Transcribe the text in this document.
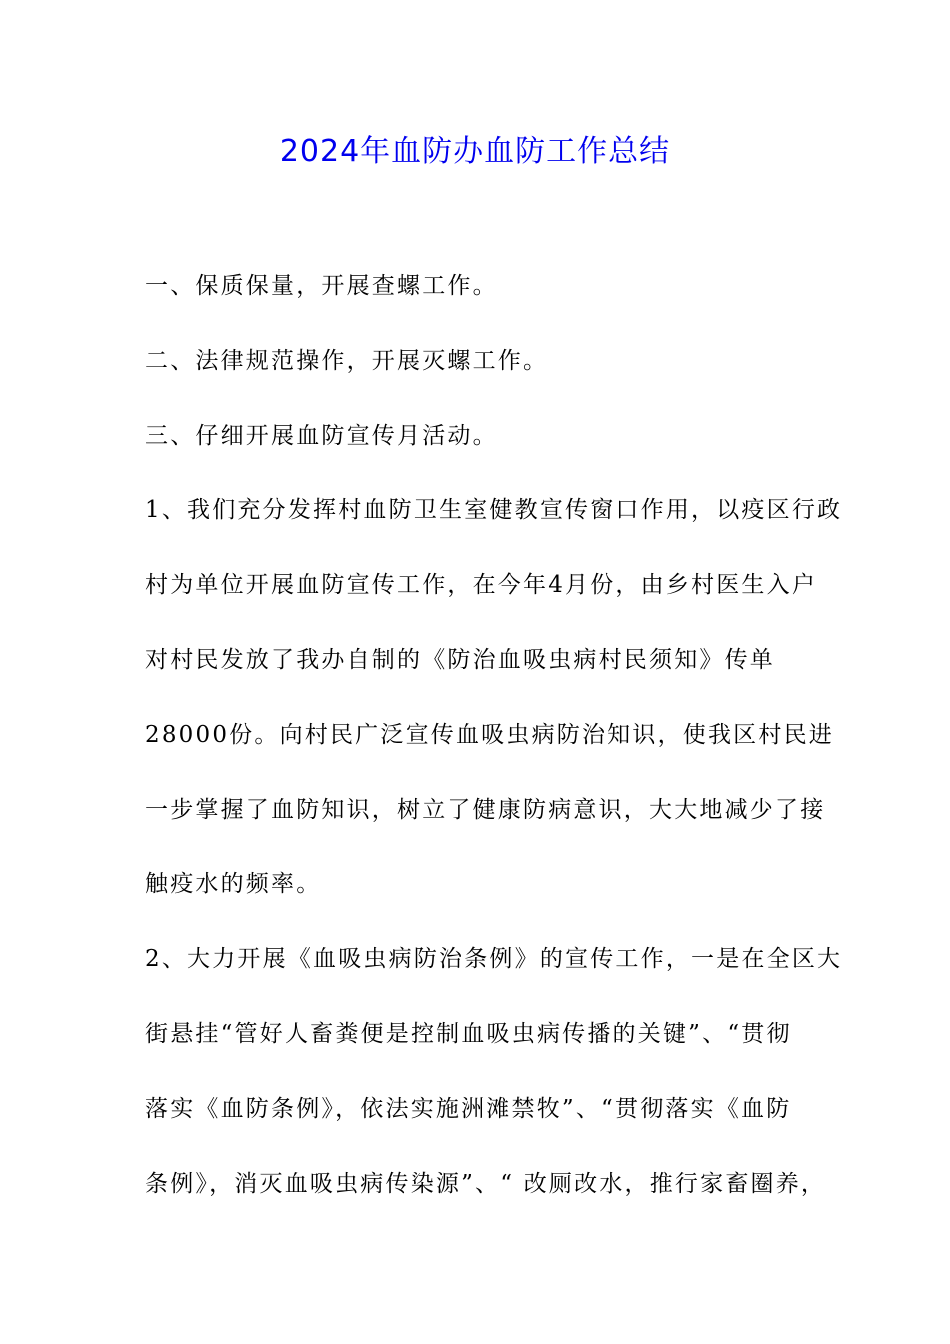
2024年血防办血防工作总结
一、保质保量，开展查螺工作。
二、法律规范操作，开展灭螺工作。
三、仔细开展血防宣传月活动。
1、我们充分发挥村血防卫生室健教宣传窗口作用，以疫区行政
村为单位开展血防宣传工作，在今年4月份，由乡村医生入户
对村民发放了我办自制的《防治血吸虫病村民须知》传单
28000份。向村民广泛宣传血吸虫病防治知识，使我区村民进
一步掌握了血防知识，树立了健康防病意识，大大地减少了接
触疫水的频率。
2、大力开展《血吸虫病防治条例》的宣传工作，一是在全区大
街悬挂“管好人畜粪便是控制血吸虫病传播的关键”、“贯彻
落实《血防条例》，依法实施洲滩禁牧”、“贯彻落实《血防
条例》，消灭血吸虫病传染源”、“ 改厕改水，推行家畜圈养，
